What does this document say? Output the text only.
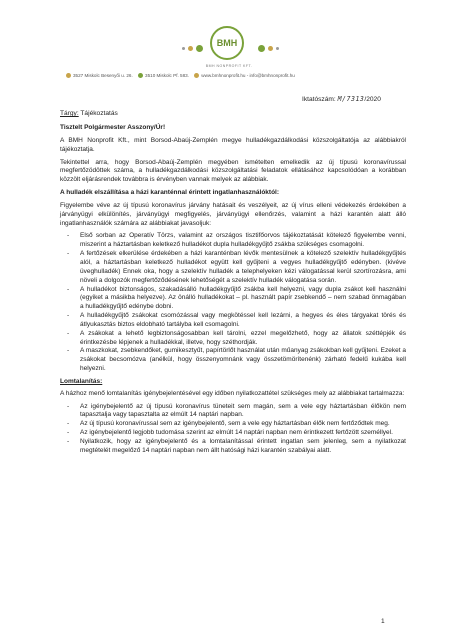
BMH
BMH NONPROFIT KFT.
3527 Miskolc Besenyői u. 26.	3510 Miskolc Pf. 583.	www.bmhnonprofit.hu - info@bmhnonprofit.hu
Iktatószám: M/7313/2020
Tárgy: Tájékoztatás

Tisztelt Polgármester Asszony/Úr!

A BMH Nonprofit Kft., mint Borsod-Abaúj-Zemplén megye hulladékgazdálkodási közszolgáltatója az alábbiakról tájékoztatja.

Tekintettel arra, hogy Borsod-Abaúj-Zemplén megyében ismételten emelkedik az új típusú koronavírussal megfertőzödöttek száma, a hulladékgazdálkodási közszolgáltatási feladatok ellátásához kapcsolódóan a korábban közzölt eljárásrendek továbbra is érvényben vannak melyek az alábbiak.

A hulladék elszállítása a házi karanténnal érintett ingatlanhasználóktól:

Figyelembe véve az új típusú koronavírus járvány hatásait és veszélyeit, az új vírus elleni védekezés érdekében a járványügyi elkülönítés, járványügyi megfigyelés, járványügyi ellenőrzés, valamint a házi karantén alatt álló ingatlanhasználók számára az alábbiakat javasoljuk:

- Első sorban az Operatív Törzs, valamint az országos tisztifőorvos tájékoztatását kötelező figyelembe venni, miszerint a háztartásban keletkező hulladékot dupla hulladékgyűjtő zsákba szükséges csomagolni.
- A fertőzések elkerülése érdekében a házi karanténban lévők mentesülnek a kötelező szelektív hulladékgyűjtés alól, a háztartásban keletkező hulladékot együtt kell gyűjteni a vegyes hulladékgyűjtő edényben. (kivéve üveghulladék) Ennek oka, hogy a szelektív hulladék a telephelyeken kézi válogatással kerül szortírozásra, ami növeli a dolgozók megfertőződésének lehetőségét a szelektív hulladék válogatása során.
- A hulladékot biztonságos, szakadásálló hulladékgyűjtő zsákba kell helyezni, vagy dupla zsákot kell használni (egyiket a másikba helyezve). Az önálló hulladékokat – pl. használt papír zsebkendő – nem szabad önmagában a hulladékgyűjtő edénybe dobni.
- A hulladékgyűjtő zsákokat csomózással vagy megkötéssel kell lezárni, a hegyes és éles tárgyakat törés és átlyukasztás biztos eldobható tartályba kell csomagolni.
- A zsákokat a lehető legbiztonságosabban kell tárolni, ezzel megelőzhető, hogy az állatok széttépjék és érintkezésbe lépjenek a hulladékkal, illetve, hogy széthordják.
- A maszkokat, zsebkendőket, gumikesztyűt, papírtörlőt használat után műanyag zsákokban kell gyűjteni. Ezeket a zsákokat becsomózva (anélkül, hogy összenyomnánk vagy összetömörítenénk) zárható fedelű kukába kell helyezni.

Lomtalanítás:

A házhoz menő lomtalanítás igénybejelentésével egy időben nyilatkozattétel szükséges mely az alábbiakat tartalmazza:

- Az igénybejelentő az új típusú koronavírus tüneteit sem magán, sem a vele egy háztartásban élőkön nem tapasztalja vagy tapasztalta az elmúlt 14 naptári napban.
- Az új típusú koronavírussal sem az igénybejelentő, sem a vele egy háztartásban élők nem fertőződtek meg.
- Az igénybejelentő legjobb tudomása szerint az elmúlt 14 naptári napban nem érintkezett fertőzött személlyel.
- Nyilatkozik, hogy az igénybejelentő és a lomtalanítással érintett ingatlan sem jelenleg, sem a nyilatkozat megtételét megelőző 14 naptári napban nem állt hatósági házi karantén szabályai alatt.
1
